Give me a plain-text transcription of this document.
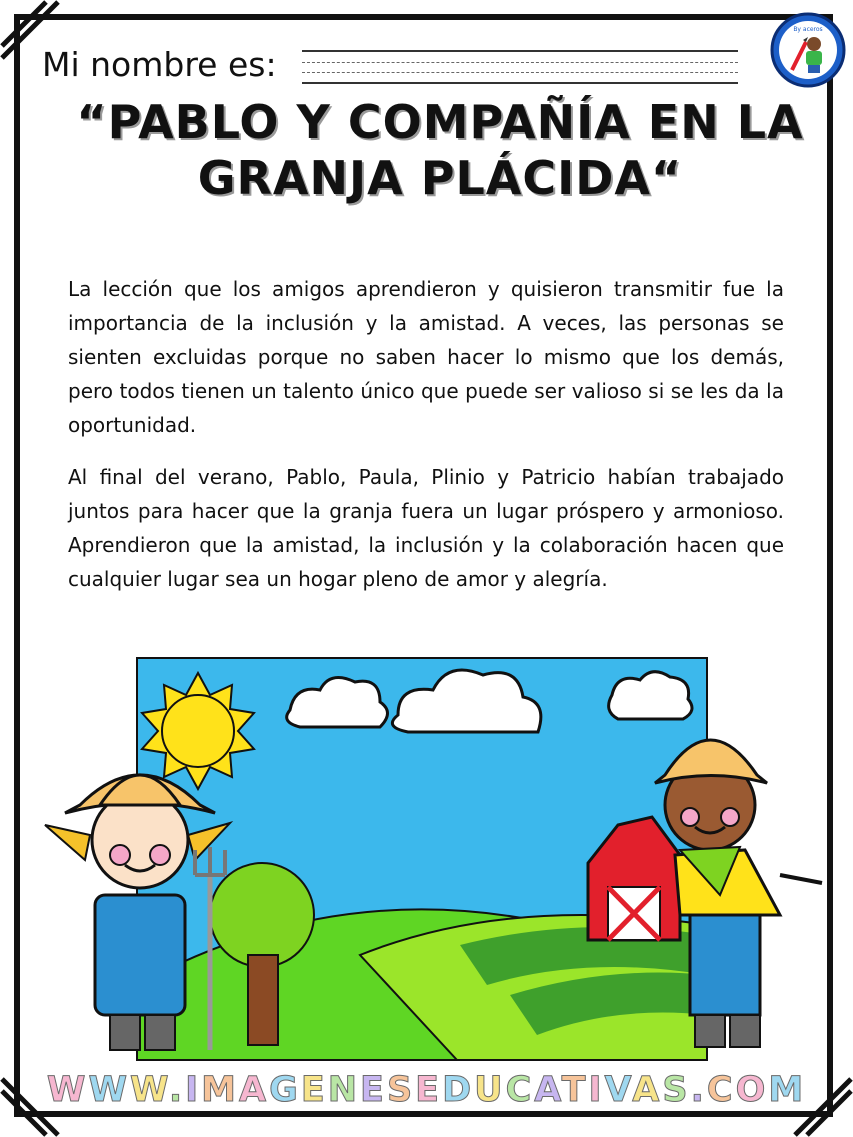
By aceros
Mi nombre es:
“PABLO Y COMPAÑÍA EN LA
GRANJA PLÁCIDA“

La lección que los amigos aprendieron y quisieron transmitir fue la importancia de la inclusión y la amistad. A veces, las personas se sienten excluidas porque no saben hacer lo mismo que los demás, pero todos tienen un talento único que puede ser valioso si se les da la oportunidad.

Al final del verano, Pablo, Paula, Plinio y Patricio habían trabajado juntos para hacer que la granja fuera un lugar próspero y armonioso. Aprendieron que la amistad, la inclusión y la colaboración hacen que cualquier lugar sea un hogar pleno de amor y alegría.

WWW.IMAGENESEDUCATIVAS.COM
